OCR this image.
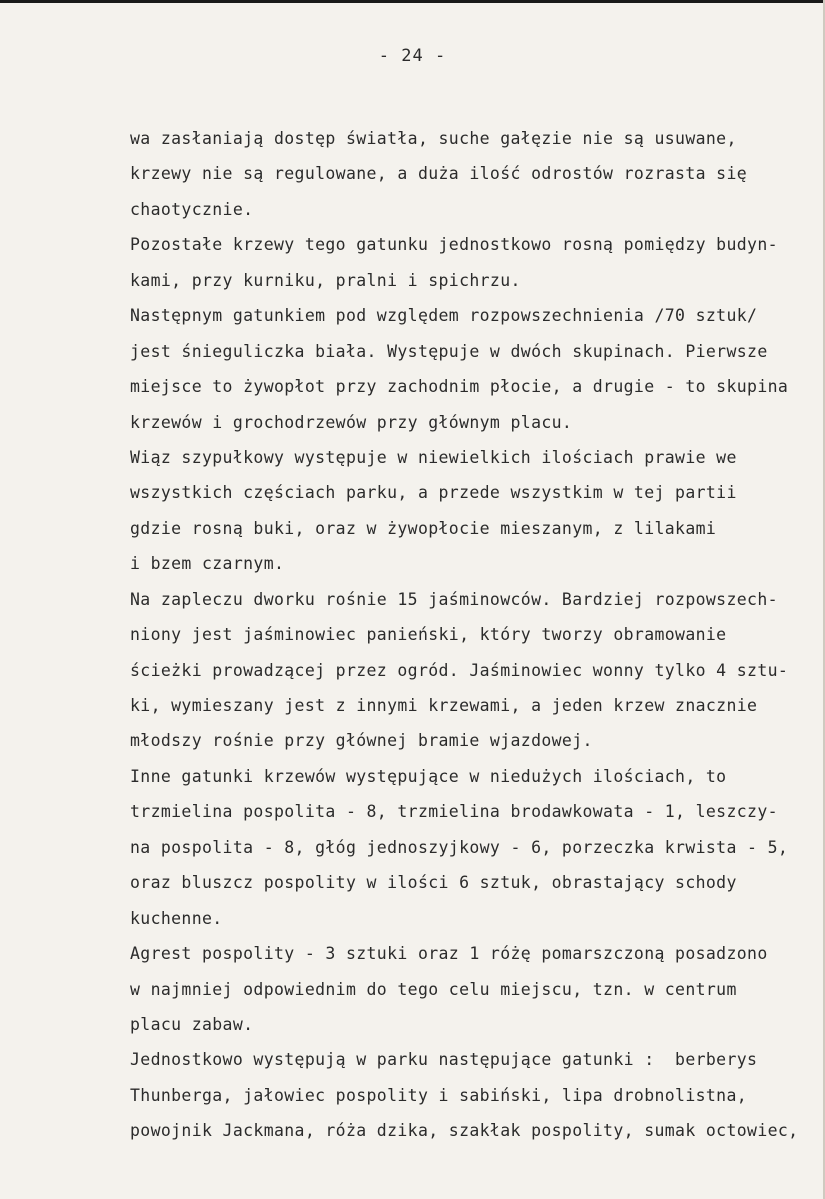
- 24 -
wa zasłaniają dostęp światła, suche gałęzie nie są usuwane,
krzewy nie są regulowane, a duża ilość odrostów rozrasta się
chaotycznie.
Pozostałe krzewy tego gatunku jednostkowo rosną pomiędzy budyn-
kami, przy kurniku, pralni i spichrzu.
Następnym gatunkiem pod względem rozpowszechnienia /70 sztuk/
jest śnieguliczka biała. Występuje w dwóch skupinach. Pierwsze
miejsce to żywopłot przy zachodnim płocie, a drugie - to skupina
krzewów i grochodrzewów przy głównym placu.
Wiąz szypułkowy występuje w niewielkich ilościach prawie we
wszystkich częściach parku, a przede wszystkim w tej partii
gdzie rosną buki, oraz w żywopłocie mieszanym, z lilakami
i bzem czarnym.
Na zapleczu dworku rośnie 15 jaśminowców. Bardziej rozpowszech-
niony jest jaśminowiec panieński, który tworzy obramowanie
ścieżki prowadzącej przez ogród. Jaśminowiec wonny tylko 4 sztu-
ki, wymieszany jest z innymi krzewami, a jeden krzew znacznie
młodszy rośnie przy głównej bramie wjazdowej.
Inne gatunki krzewów występujące w niedużych ilościach, to
trzmielina pospolita - 8, trzmielina brodawkowata - 1, leszczy-
na pospolita - 8, głóg jednoszyjkowy - 6, porzeczka krwista - 5,
oraz bluszcz pospolity w ilości 6 sztuk, obrastający schody
kuchenne.
Agrest pospolity - 3 sztuki oraz 1 różę pomarszczoną posadzono
w najmniej odpowiednim do tego celu miejscu, tzn. w centrum
placu zabaw.
Jednostkowo występują w parku następujące gatunki :  berberys
Thunberga, jałowiec pospolity i sabiński, lipa drobnolistna,
powojnik Jackmana, róża dzika, szakłak pospolity, sumak octowiec,
